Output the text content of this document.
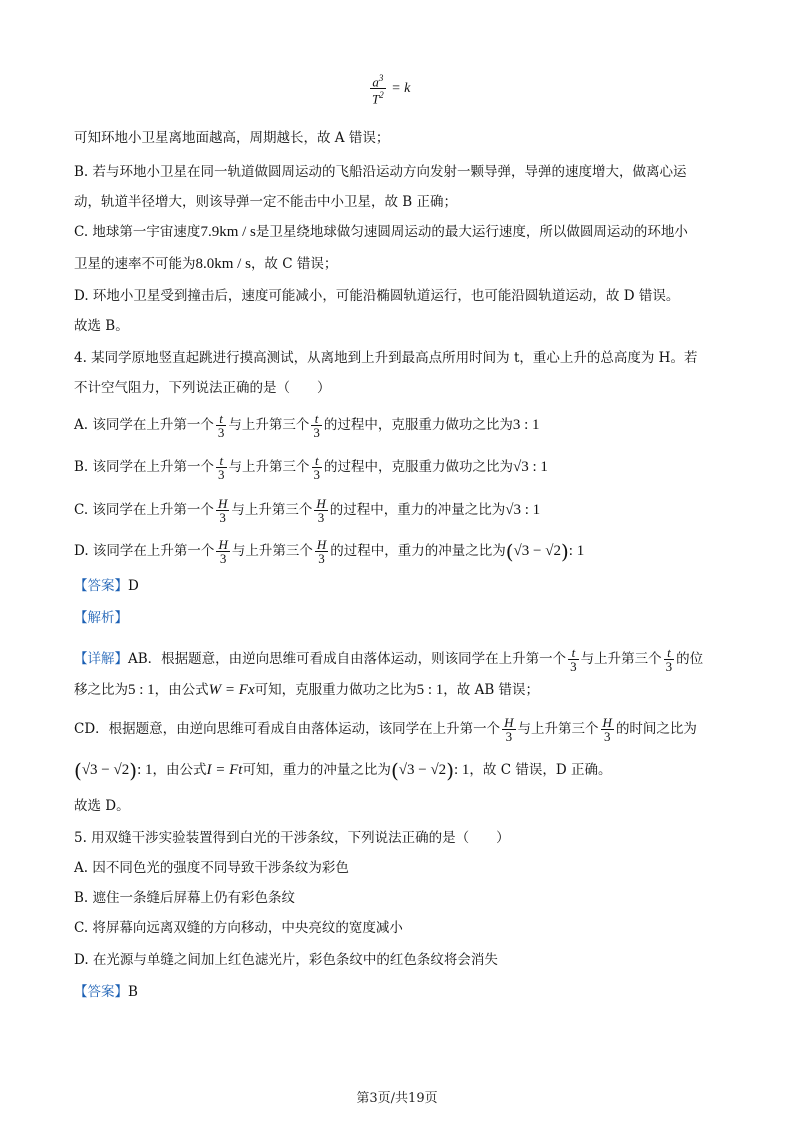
$\frac{a^3}{T^2} = k$
可知环地小卫星离地面越高，周期越长，故 A 错误；
B. 若与环地小卫星在同一轨道做圆周运动的飞船沿运动方向发射一颗导弹，导弹的速度增大，做离心运
动，轨道半径增大，则该导弹一定不能击中小卫星，故 B 正确；
C. 地球第一宇宙速度7.9km / s是卫星绕地球做匀速圆周运动的最大运行速度，所以做圆周运动的环地小
卫星的速率不可能为8.0km / s，故 C 错误；
D. 环地小卫星受到撞击后，速度可能减小，可能沿椭圆轨道运行，也可能沿圆轨道运动，故 D 错误。
故选 B。
4. 某同学原地竖直起跳进行摸高测试，从离地到上升到最高点所用时间为 t，重心上升的总高度为 H。若
不计空气阻力，下列说法正确的是（　　）
A. 该同学在上升第一个 $\frac{t}{3}$ 与上升第三个 $\frac{t}{3}$ 的过程中，克服重力做功之比为3 : 1
B. 该同学在上升第一个 $\frac{t}{3}$ 与上升第三个 $\frac{t}{3}$ 的过程中，克服重力做功之比为√3 : 1
C. 该同学在上升第一个 $\frac{H}{3}$ 与上升第三个 $\frac{H}{3}$ 的过程中，重力的冲量之比为√3 : 1
D. 该同学在上升第一个 $\frac{H}{3}$ 与上升第三个 $\frac{H}{3}$ 的过程中，重力的冲量之比为(√3 − √2): 1
【答案】D
【解析】
【详解】AB．根据题意，由逆向思维可看成自由落体运动，则该同学在上升第一个 $\frac{t}{3}$ 与上升第三个 $\frac{t}{3}$ 的位
移之比为5 : 1，由公式W = Fx可知，克服重力做功之比为5 : 1，故 AB 错误；
CD．根据题意，由逆向思维可看成自由落体运动，该同学在上升第一个 $\frac{H}{3}$ 与上升第三个 $\frac{H}{3}$ 的时间之比为
(√3 − √2): 1，由公式I = Ft可知，重力的冲量之比为(√3 − √2): 1，故 C 错误，D 正确。
故选 D。
5. 用双缝干涉实验装置得到白光的干涉条纹，下列说法正确的是（　　）
A. 因不同色光的强度不同导致干涉条纹为彩色
B. 遮住一条缝后屏幕上仍有彩色条纹
C. 将屏幕向远离双缝的方向移动，中央亮纹的宽度减小
D. 在光源与单缝之间加上红色滤光片，彩色条纹中的红色条纹将会消失
【答案】B
第3页/共19页
